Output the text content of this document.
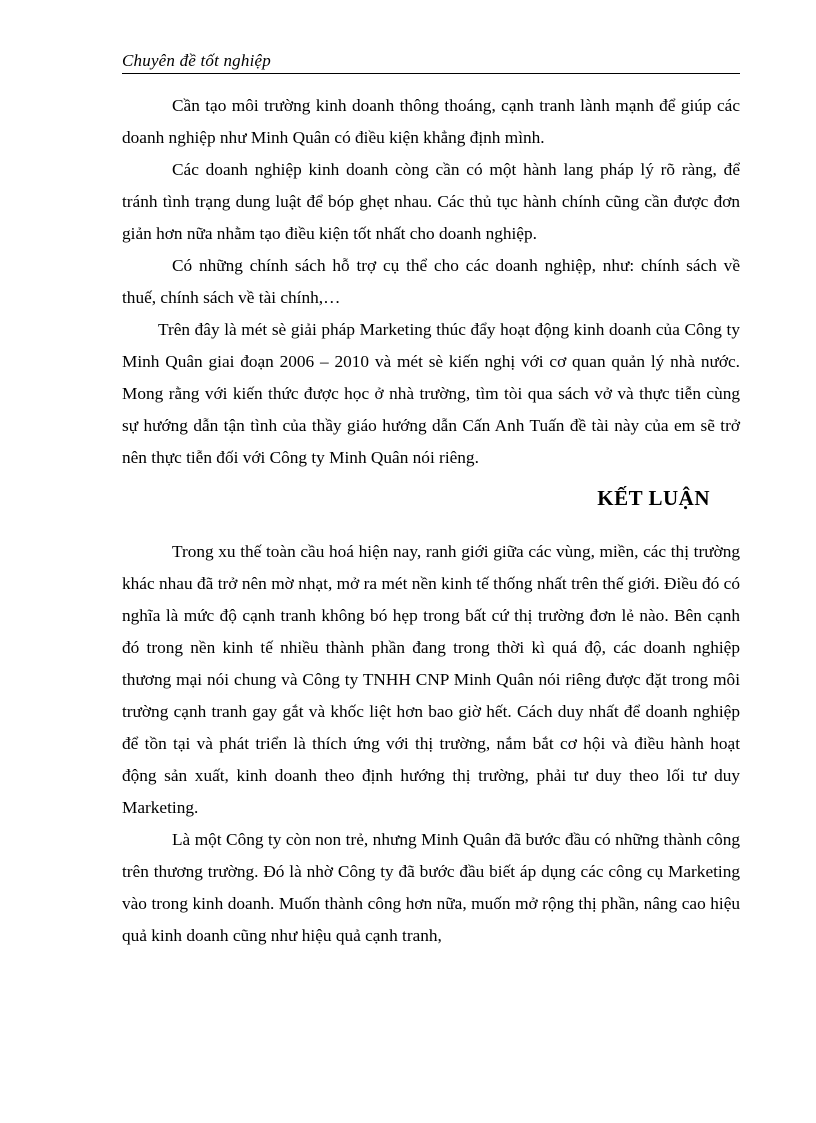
Chuyên đề tốt nghiệp

Cần tạo môi trường kinh doanh thông thoáng, cạnh tranh lành mạnh để giúp các doanh nghiệp như Minh Quân có điều kiện khẳng định mình.

Các doanh nghiệp kinh doanh còng cần có một hành lang pháp lý rõ ràng, để tránh tình trạng dung luật để bóp ghẹt nhau. Các thủ tục hành chính cũng cần được đơn giản hơn nữa nhằm tạo điều kiện tốt nhất cho doanh nghiệp.

Có những chính sách hỗ trợ cụ thể cho các doanh nghiệp, như: chính sách về thuế, chính sách về tài chính,…

Trên đây là mét sè giải pháp Marketing thúc đẩy hoạt động kinh doanh của Công ty Minh Quân giai đoạn 2006 – 2010 và mét sè kiến nghị với cơ quan quản lý nhà nước. Mong rằng với kiến thức được học ở nhà trường, tìm tòi qua sách vở và thực tiễn cùng sự hướng dẫn tận tình của thầy giáo hướng dẫn Cấn Anh Tuấn đề tài này của em sẽ trở nên thực tiễn đối với Công ty Minh Quân nói riêng.

KẾT LUẬN

Trong xu thế toàn cầu hoá hiện nay, ranh giới giữa các vùng, miền, các thị trường khác nhau đã trở nên mờ nhạt, mở ra mét nền kinh tế thống nhất trên thế giới. Điều đó có nghĩa là mức độ cạnh tranh không bó hẹp trong bất cứ thị trường đơn lẻ nào. Bên cạnh đó trong nền kinh tế nhiều thành phần đang trong thời kì quá độ, các doanh nghiệp thương mại nói chung và Công ty TNHH CNP Minh Quân nói riêng được đặt trong môi trường cạnh tranh gay gắt và khốc liệt hơn bao giờ hết. Cách duy nhất để doanh nghiệp để tồn tại và phát triển là thích ứng với thị trường, nắm bắt cơ hội và điều hành hoạt động sản xuất, kinh doanh theo định hướng thị trường, phải tư duy theo lối tư duy Marketing.

Là một Công ty còn non trẻ, nhưng Minh Quân đã bước đầu có những thành công trên thương trường. Đó là nhờ Công ty đã bước đầu biết áp dụng các công cụ Marketing vào trong kinh doanh. Muốn thành công hơn nữa, muốn mở rộng thị phần, nâng cao hiệu quả kinh doanh cũng như hiệu quả cạnh tranh,
